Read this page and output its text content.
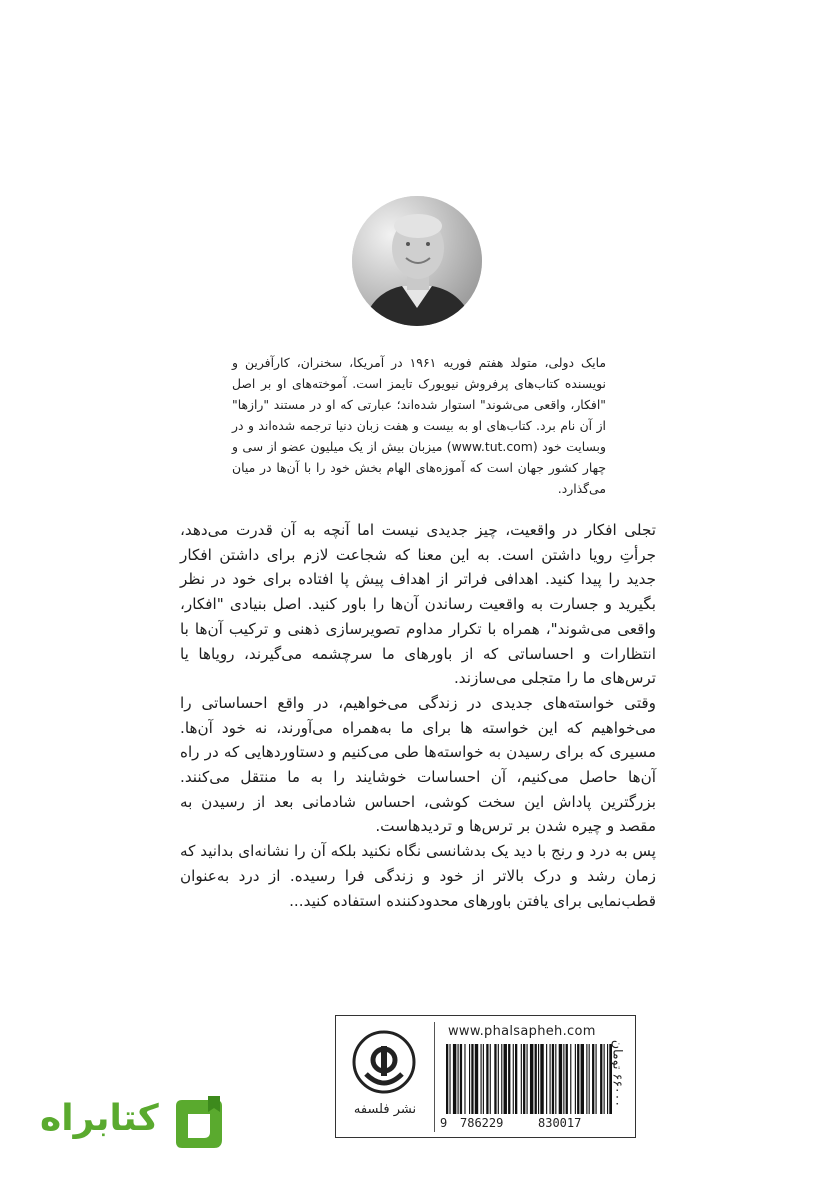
مایک دولی، متولد هفتم فوریه ۱۹۶۱ در آمریکا، سخنران، کارآفرین و نویسنده کتاب‌های پرفروش نیویورک تایمز است. آموخته‌های او بر اصل "افکار، واقعی می‌شوند" استوار شده‌اند؛ عبارتی که او در مستند "رازها" از آن نام برد. کتاب‌های او به بیست و هفت زبان دنیا ترجمه شده‌اند و در وبسایت خود (www.tut.com) میزبان بیش از یک میلیون عضو از سی و چهار کشور جهان است که آموزه‌های الهام بخش خود را با آن‌ها در میان می‌گذارد.

تجلی افکار در واقعیت، چیز جدیدی نیست اما آنچه به آن قدرت می‌دهد، جرأتِ رویا داشتن است. به این معنا که شجاعت لازم برای داشتن افکار جدید را پیدا کنید. اهدافی فراتر از اهداف پیش پا افتاده برای خود در نظر بگیرید و جسارت به واقعیت رساندن آن‌ها را باور کنید. اصل بنیادی "افکار، واقعی می‌شوند"، همراه با تکرار مداوم تصویرسازی ذهنی و ترکیب آن‌ها با انتظارات و احساساتی که از باورهای ما سرچشمه می‌گیرند، رویاها یا ترس‌های ما را متجلی می‌سازند.

وقتی خواسته‌های جدیدی در زندگی می‌خواهیم، در واقع احساساتی را می‌خواهیم که این خواسته ها برای ما به‌همراه می‌آورند، نه خود آن‌ها. مسیری که برای رسیدن به خواسته‌ها طی می‌کنیم و دستاوردهایی که در راه آن‌ها حاصل می‌کنیم، آن احساسات خوشایند را به ما منتقل می‌کنند. بزرگترین پاداش این سخت کوشی، احساس شادمانی بعد از رسیدن به مقصد و چیره شدن بر ترس‌ها و تردیدهاست.

پس به درد و رنج با دید یک بدشانسی نگاه نکنید بلکه آن را نشانه‌ای بدانید که زمان رشد و درک بالاتر از خود و زندگی فرا رسیده. از درد به‌عنوان قطب‌نمایی برای یافتن باورهای محدودکننده استفاده کنید...

نشر فلسفه
www.phalsapheh.com
9 786229	830017
۶۶۰۰۰ تومان
کتابراه
